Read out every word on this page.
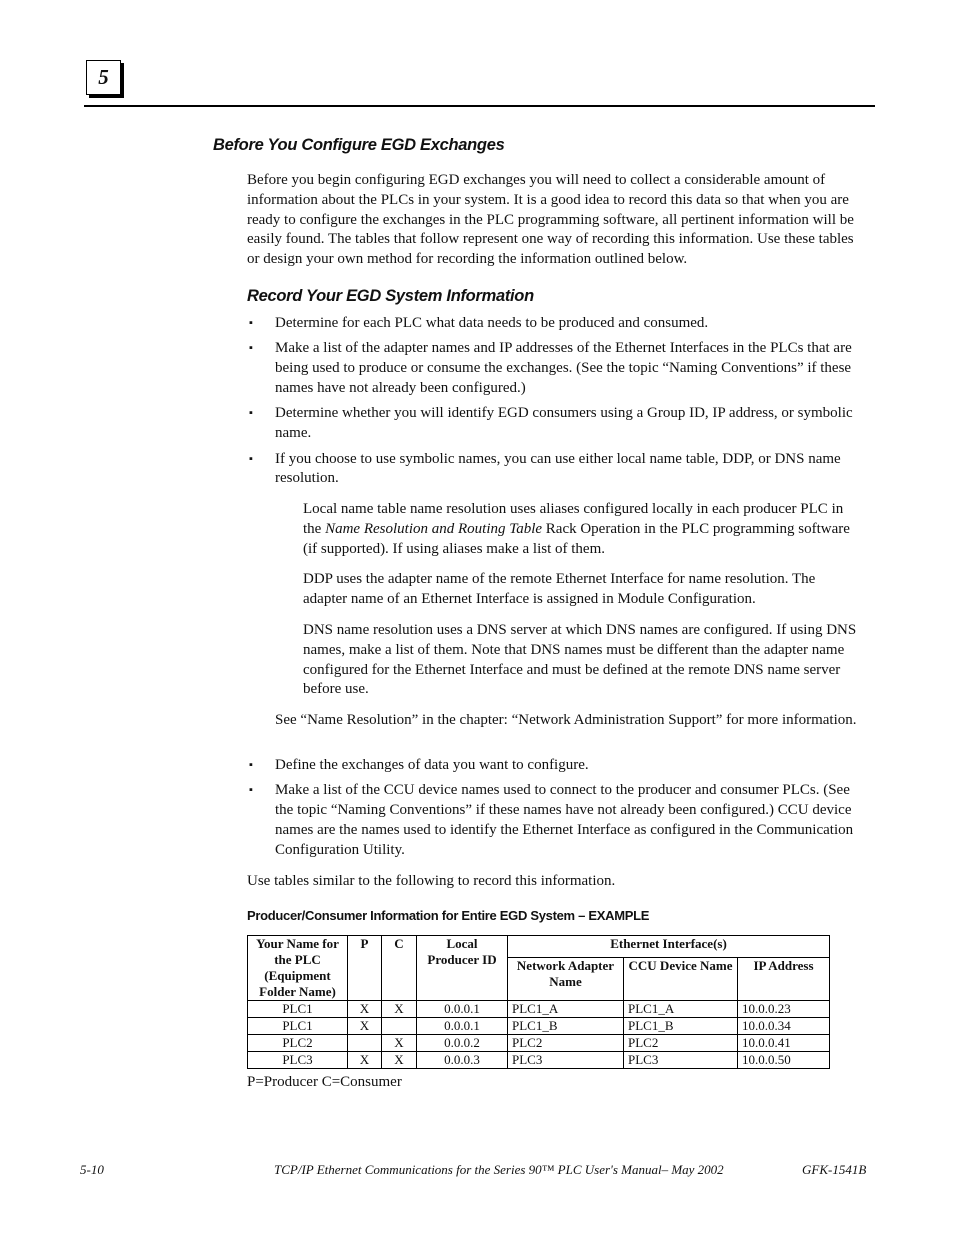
5
Before You Configure EGD Exchanges

Before you begin configuring EGD exchanges you will need to collect a considerable amount of information about the PLCs in your system. It is a good idea to record this data so that when you are ready to configure the exchanges in the PLC programming software, all pertinent information will be easily found. The tables that follow represent one way of recording this information. Use these tables or design your own method for recording the information outlined below.

Record Your EGD System Information
▪ Determine for each PLC what data needs to be produced and consumed.
▪ Make a list of the adapter names and IP addresses of the Ethernet Interfaces in the PLCs that are being used to produce or consume the exchanges. (See the topic “Naming Conventions” if these names have not already been configured.)
▪ Determine whether you will identify EGD consumers using a Group ID, IP address, or symbolic name.
▪ If you choose to use symbolic names, you can use either local name table, DDP, or DNS name resolution.

Local name table name resolution uses aliases configured locally in each producer PLC in the Name Resolution and Routing Table Rack Operation in the PLC programming software (if supported). If using aliases make a list of them.

DDP uses the adapter name of the remote Ethernet Interface for name resolution. The adapter name of an Ethernet Interface is assigned in Module Configuration.

DNS name resolution uses a DNS server at which DNS names are configured. If using DNS names, make a list of them. Note that DNS names must be different than the adapter name configured for the Ethernet Interface and must be defined at the remote DNS name server before use.

See “Name Resolution” in the chapter: “Network Administration Support” for more information.

▪ Define the exchanges of data you want to configure.
▪ Make a list of the CCU device names used to connect to the producer and consumer PLCs. (See the topic “Naming Conventions” if these names have not already been configured.) CCU device names are the names used to identify the Ethernet Interface as configured in the Communication Configuration Utility.

Use tables similar to the following to record this information.

Producer/Consumer Information for Entire EGD System – EXAMPLE

Your Name for the PLC (Equipment Folder Name)	P	C	Local Producer ID	Ethernet Interface(s)		
				Network Adapter Name	CCU Device Name	IP Address
PLC1	X	X	0.0.0.1	PLC1_A	PLC1_A	10.0.0.23
PLC1	X		0.0.0.1	PLC1_B	PLC1_B	10.0.0.34
PLC2		X	0.0.0.2	PLC2	PLC2	10.0.0.41
PLC3	X	X	0.0.0.3	PLC3	PLC3	10.0.0.50

P=Producer C=Consumer

5-10	TCP/IP Ethernet Communications for the Series 90™ PLC User's Manual– May 2002	GFK-1541B
